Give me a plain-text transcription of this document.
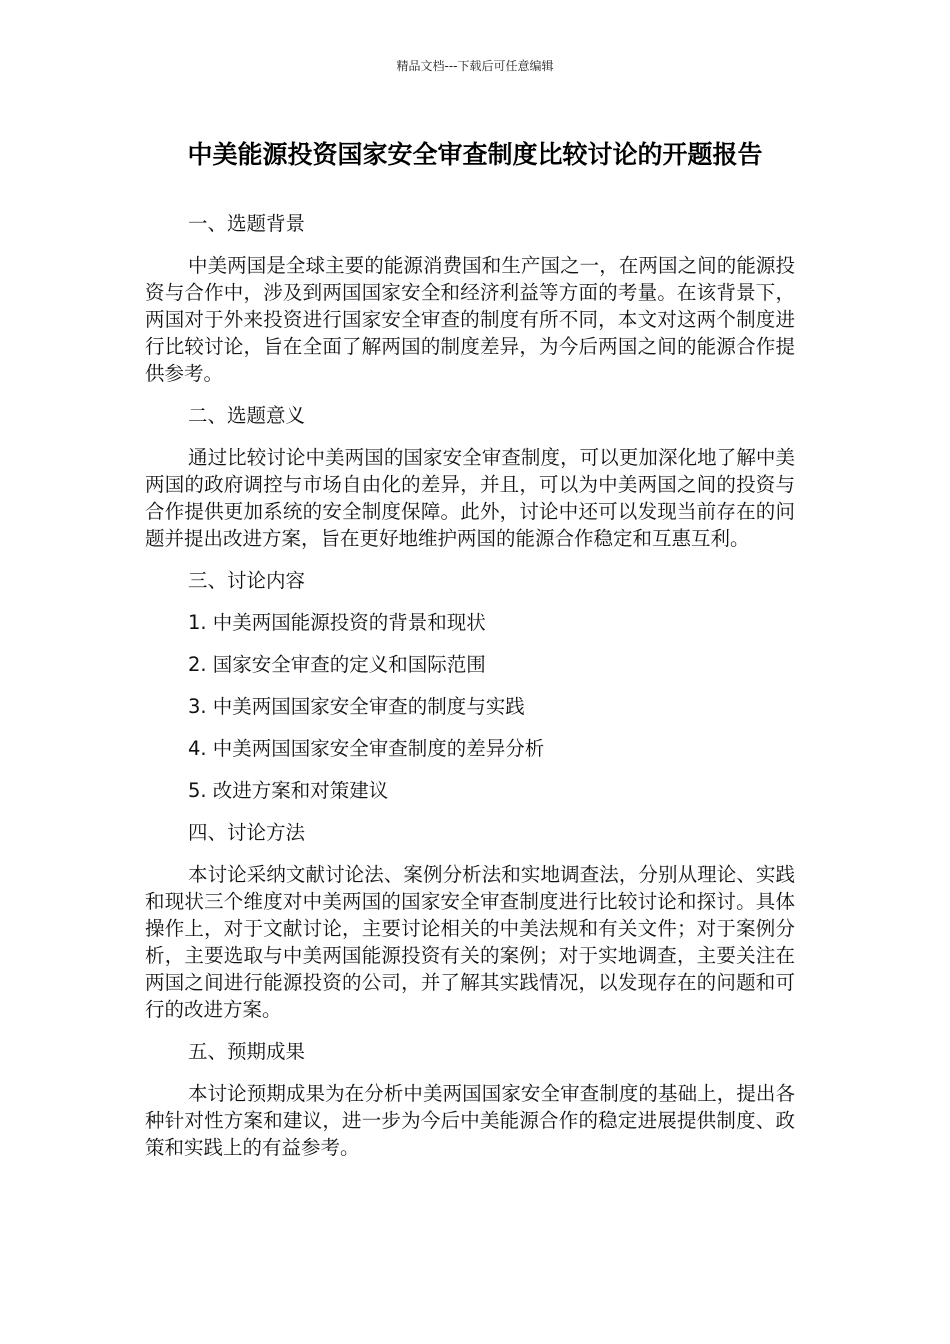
精品文档---下载后可任意编辑
中美能源投资国家安全审查制度比较讨论的开题报告
一、选题背景

中美两国是全球主要的能源消费国和生产国之一，在两国之间的能源投资与合作中，涉及到两国国家安全和经济利益等方面的考量。在该背景下，两国对于外来投资进行国家安全审查的制度有所不同，本文对这两个制度进行比较讨论，旨在全面了解两国的制度差异，为今后两国之间的能源合作提供参考。

二、选题意义

通过比较讨论中美两国的国家安全审查制度，可以更加深化地了解中美两国的政府调控与市场自由化的差异，并且，可以为中美两国之间的投资与合作提供更加系统的安全制度保障。此外，讨论中还可以发现当前存在的问题并提出改进方案，旨在更好地维护两国的能源合作稳定和互惠互利。

三、讨论内容
1. 中美两国能源投资的背景和现状
2. 国家安全审查的定义和国际范围
3. 中美两国国家安全审查的制度与实践
4. 中美两国国家安全审查制度的差异分析
5. 改进方案和对策建议
四、讨论方法

本讨论采纳文献讨论法、案例分析法和实地调查法，分别从理论、实践和现状三个维度对中美两国的国家安全审查制度进行比较讨论和探讨。具体操作上，对于文献讨论，主要讨论相关的中美法规和有关文件；对于案例分析，主要选取与中美两国能源投资有关的案例；对于实地调查，主要关注在两国之间进行能源投资的公司，并了解其实践情况，以发现存在的问题和可行的改进方案。

五、预期成果

本讨论预期成果为在分析中美两国国家安全审查制度的基础上，提出各种针对性方案和建议，进一步为今后中美能源合作的稳定进展提供制度、政策和实践上的有益参考。
